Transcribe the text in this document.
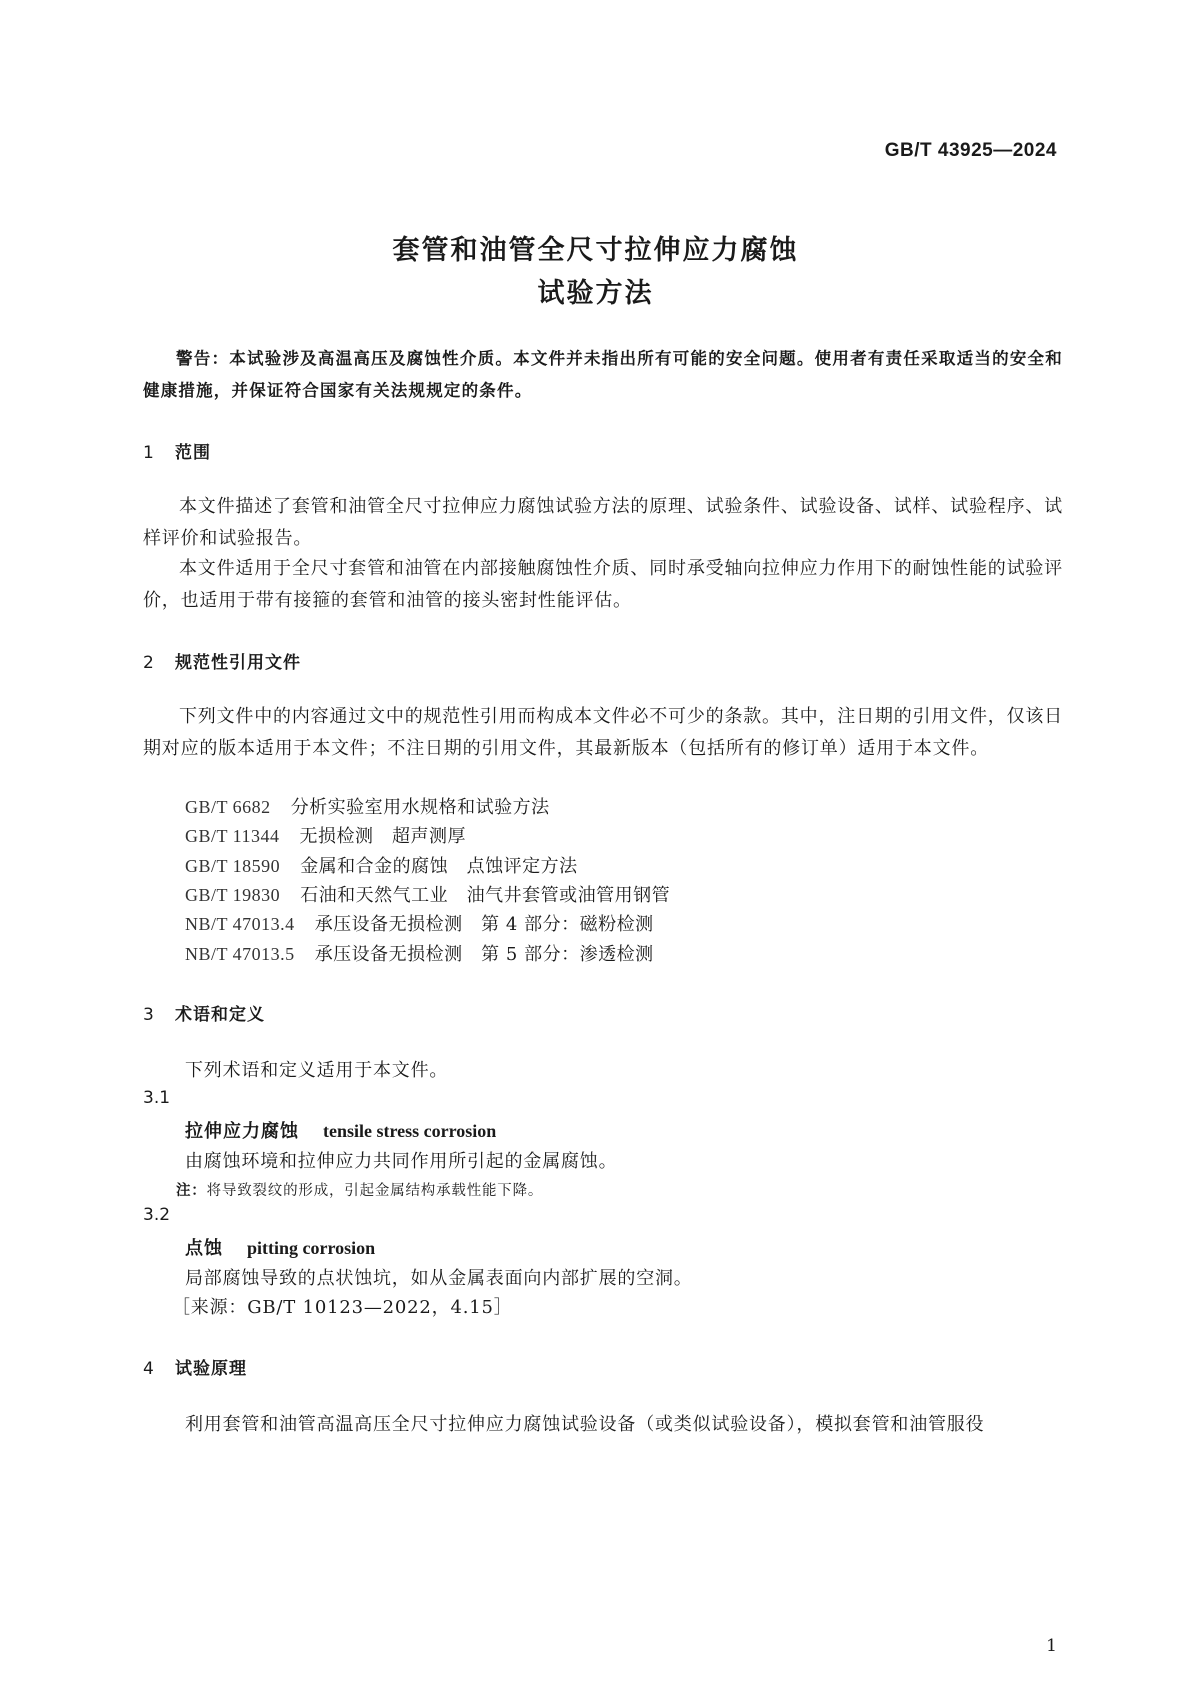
GB/T 43925—2024
套管和油管全尺寸拉伸应力腐蚀
试验方法
警告：本试验涉及高温高压及腐蚀性介质。本文件并未指出所有可能的安全问题。使用者有责任采取适当的安全和健康措施，并保证符合国家有关法规规定的条件。
1 范围
本文件描述了套管和油管全尺寸拉伸应力腐蚀试验方法的原理、试验条件、试验设备、试样、试验程序、试样评价和试验报告。
本文件适用于全尺寸套管和油管在内部接触腐蚀性介质、同时承受轴向拉伸应力作用下的耐蚀性能的试验评价，也适用于带有接箍的套管和油管的接头密封性能评估。
2 规范性引用文件
下列文件中的内容通过文中的规范性引用而构成本文件必不可少的条款。其中，注日期的引用文件，仅该日期对应的版本适用于本文件；不注日期的引用文件，其最新版本（包括所有的修订单）适用于本文件。
GB/T 6682 分析实验室用水规格和试验方法
GB/T 11344 无损检测　超声测厚
GB/T 18590 金属和合金的腐蚀　点蚀评定方法
GB/T 19830 石油和天然气工业　油气井套管或油管用钢管
NB/T 47013.4 承压设备无损检测　第 4 部分：磁粉检测
NB/T 47013.5 承压设备无损检测　第 5 部分：渗透检测
3 术语和定义
下列术语和定义适用于本文件。
3.1
拉伸应力腐蚀 tensile stress corrosion
由腐蚀环境和拉伸应力共同作用所引起的金属腐蚀。
注：将导致裂纹的形成，引起金属结构承载性能下降。
3.2
点蚀 pitting corrosion
局部腐蚀导致的点状蚀坑，如从金属表面向内部扩展的空洞。
［来源：GB/T 10123—2022，4.15］
4 试验原理
利用套管和油管高温高压全尺寸拉伸应力腐蚀试验设备（或类似试验设备），模拟套管和油管服役
1
